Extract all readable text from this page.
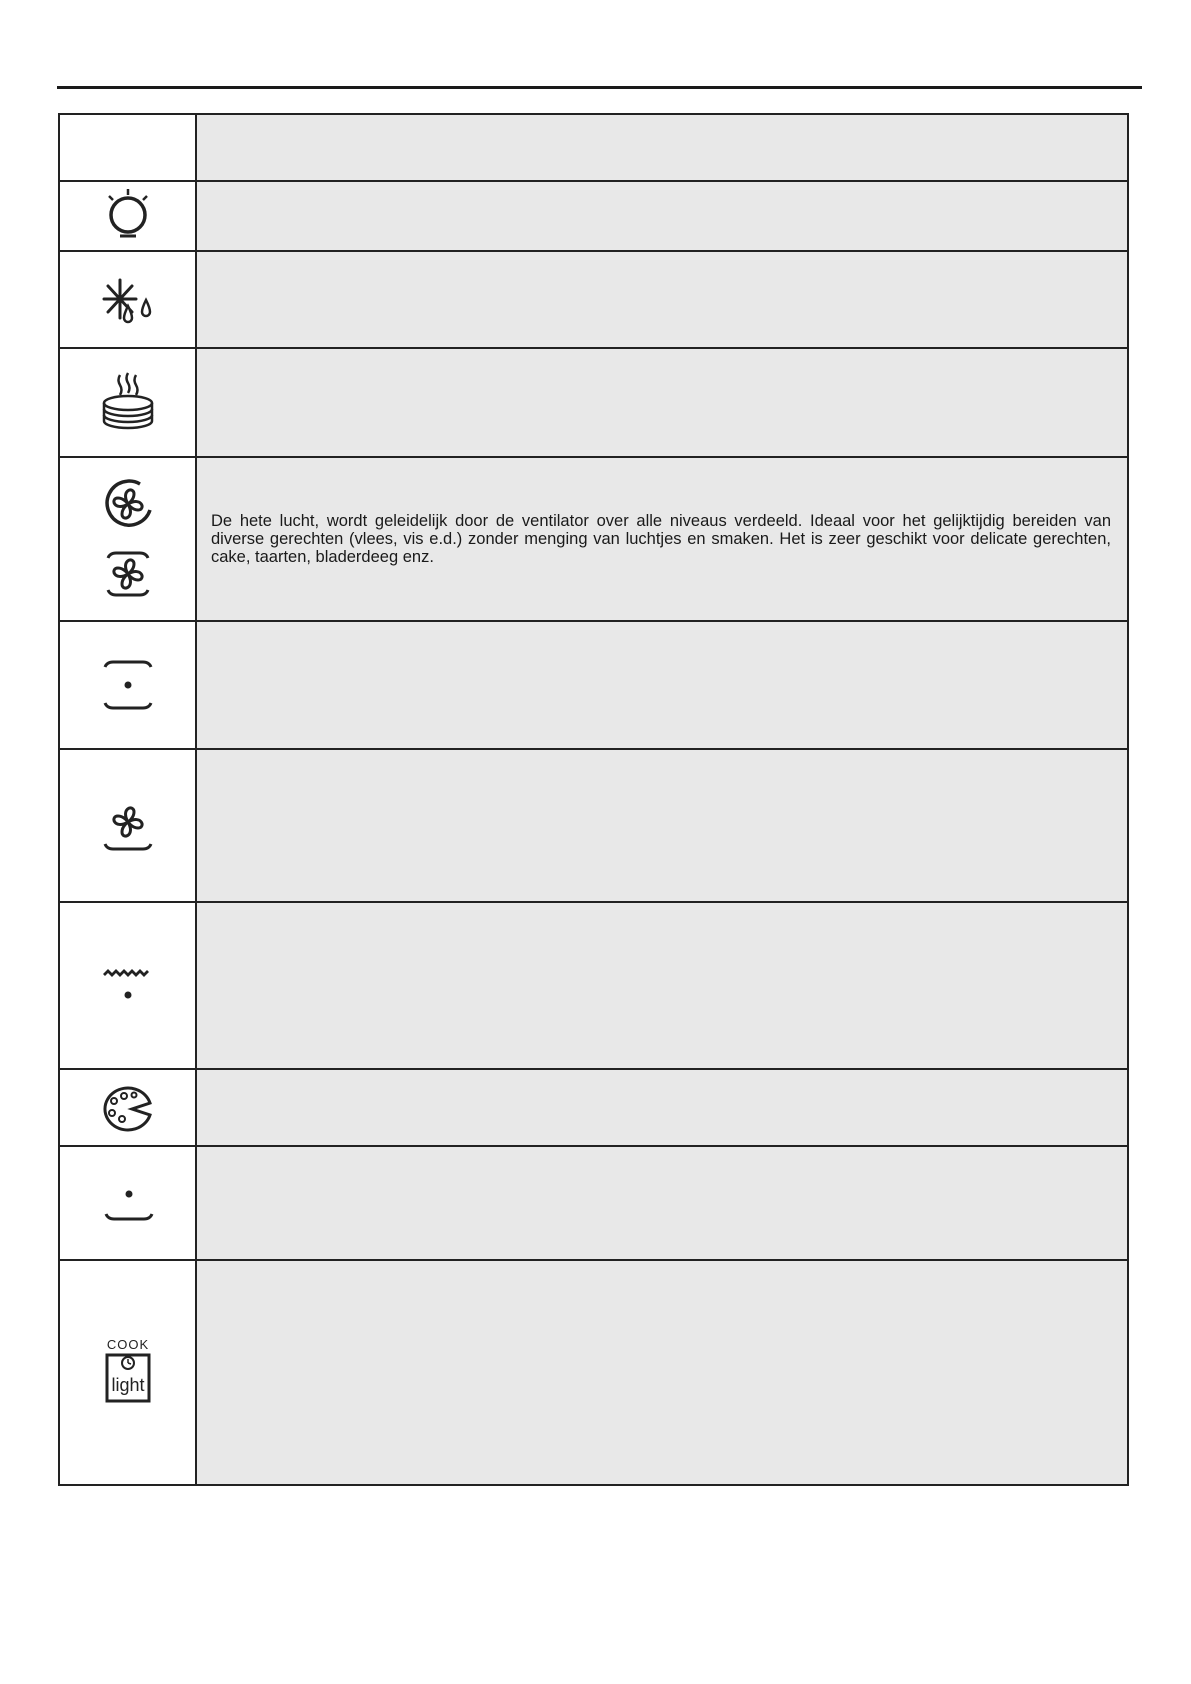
De hete lucht, wordt geleidelijk door de ventilator over alle niveaus verdeeld. Ideaal voor het gelijktijdig bereiden van diverse gerechten (vlees, vis e.d.) zonder menging van luchtjes en smaken. Het is zeer geschikt voor delicate gerechten, cake, taarten, bladerdeeg enz.

COOK
light	
